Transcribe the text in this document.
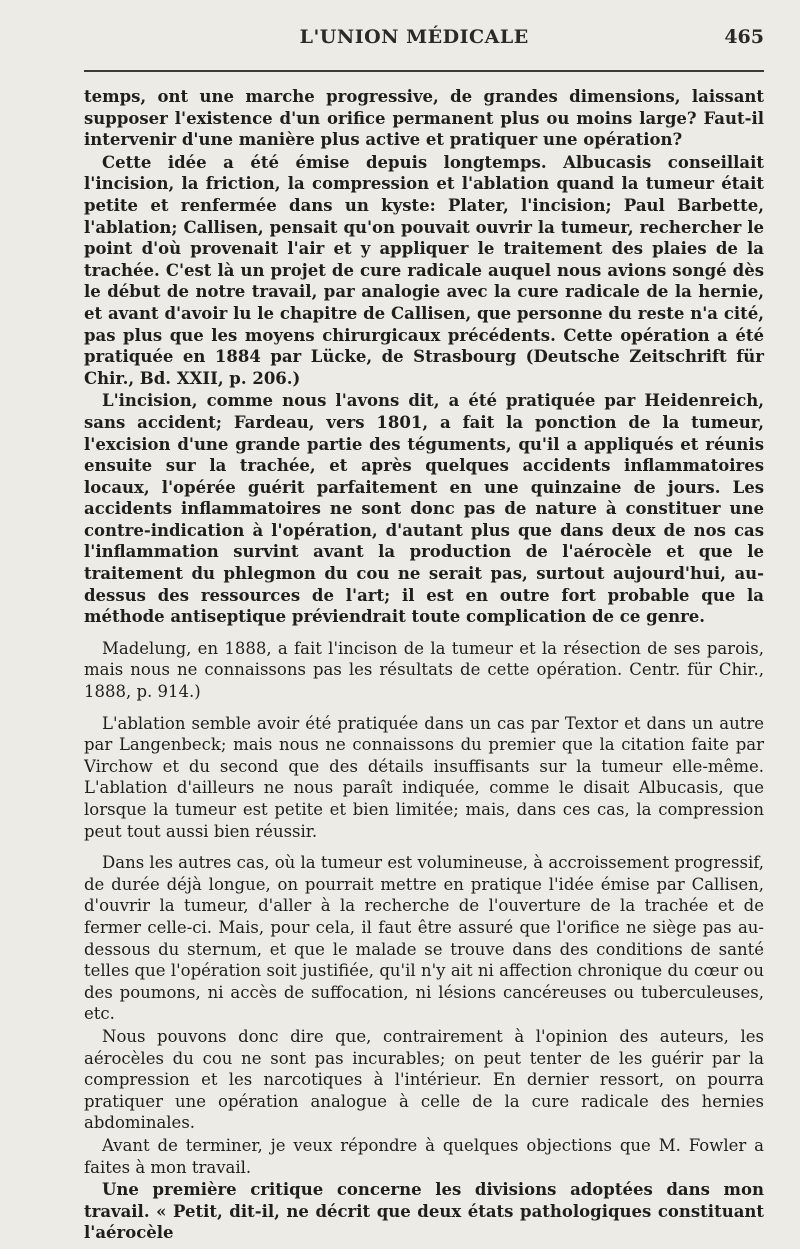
L'UNION MÉDICALE	465

temps, ont une marche progressive, de grandes dimensions, laissant supposer l'existence d'un orifice permanent plus ou moins large? Faut-il intervenir d'une manière plus active et pratiquer une opération?

Cette idée a été émise depuis longtemps. Albucasis conseillait l'incision, la friction, la compression et l'ablation quand la tumeur était petite et renfermée dans un kyste: Plater, l'incision; Paul Barbette, l'ablation; Callisen, pensait qu'on pouvait ouvrir la tumeur, rechercher le point d'où provenait l'air et y appliquer le traitement des plaies de la trachée. C'est là un projet de cure radicale auquel nous avions songé dès le début de notre travail, par analogie avec la cure radicale de la hernie, et avant d'avoir lu le chapitre de Callisen, que personne du reste n'a cité, pas plus que les moyens chirurgicaux précédents. Cette opération a été pratiquée en 1884 par Lücke, de Strasbourg (Deutsche Zeitschrift für Chir., Bd. XXII, p. 206.)

L'incision, comme nous l'avons dit, a été pratiquée par Heidenreich, sans accident; Fardeau, vers 1801, a fait la ponction de la tumeur, l'excision d'une grande partie des téguments, qu'il a appliqués et réunis ensuite sur la trachée, et après quelques accidents inflammatoires locaux, l'opérée guérit parfaitement en une quinzaine de jours. Les accidents inflammatoires ne sont donc pas de nature à constituer une contre-indication à l'opération, d'autant plus que dans deux de nos cas l'inflammation survint avant la production de l'aérocèle et que le traitement du phlegmon du cou ne serait pas, surtout aujourd'hui, au-dessus des ressources de l'art; il est en outre fort probable que la méthode antiseptique préviendrait toute complication de ce genre.

Madelung, en 1888, a fait l'incison de la tumeur et la résection de ses parois, mais nous ne connaissons pas les résultats de cette opération. Centr. für Chir., 1888, p. 914.)

L'ablation semble avoir été pratiquée dans un cas par Textor et dans un autre par Langenbeck; mais nous ne connaissons du premier que la citation faite par Virchow et du second que des détails insuffisants sur la tumeur elle-même. L'ablation d'ailleurs ne nous paraît indiquée, comme le disait Albucasis, que lorsque la tumeur est petite et bien limitée; mais, dans ces cas, la compression peut tout aussi bien réussir.

Dans les autres cas, où la tumeur est volumineuse, à accroissement progressif, de durée déjà longue, on pourrait mettre en pratique l'idée émise par Callisen, d'ouvrir la tumeur, d'aller à la recherche de l'ouverture de la trachée et de fermer celle-ci. Mais, pour cela, il faut être assuré que l'orifice ne siège pas au-dessous du sternum, et que le malade se trouve dans des conditions de santé telles que l'opération soit justifiée, qu'il n'y ait ni affection chronique du cœur ou des poumons, ni accès de suffocation, ni lésions cancéreuses ou tuberculeuses, etc.

Nous pouvons donc dire que, contrairement à l'opinion des auteurs, les aérocèles du cou ne sont pas incurables; on peut tenter de les guérir par la compression et les narcotiques à l'intérieur. En dernier ressort, on pourra pratiquer une opération analogue à celle de la cure radicale des hernies abdominales.

Avant de terminer, je veux répondre à quelques objections que M. Fowler a faites à mon travail.

Une première critique concerne les divisions adoptées dans mon travail. « Petit, dit-il, ne décrit que deux états pathologiques constituant l'aérocèle
